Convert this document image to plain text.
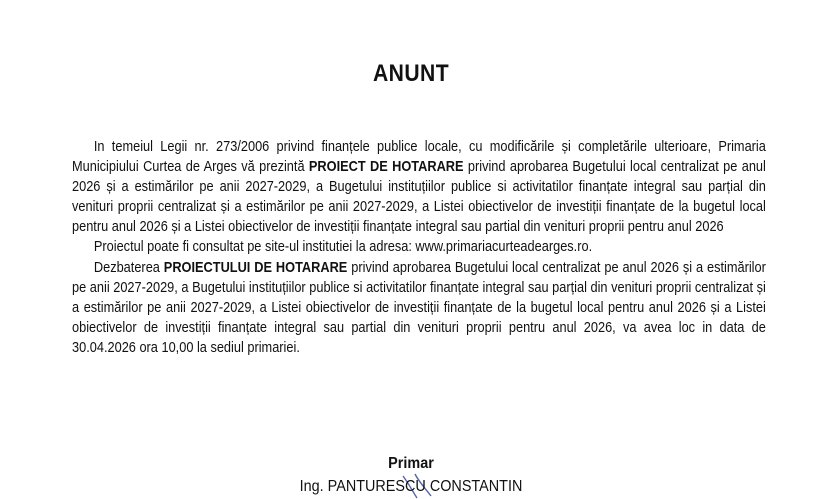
ANUNT

In temeiul Legii nr. 273/2006 privind finanțele publice locale, cu modificările și completările ulterioare, Primaria Municipiului Curtea de Arges vă prezintă PROIECT DE HOTARARE privind aprobarea Bugetului local centralizat pe anul 2026 și a estimărilor pe anii 2027-2029, a Bugetului instituțiilor publice si activitatilor finanțate integral sau parțial din venituri proprii centralizat și a estimărilor pe anii 2027-2029, a Listei obiectivelor de investiții finanțate de la bugetul local pentru anul 2026 și a Listei obiectivelor de investiții finanțate integral sau partial din venituri proprii pentru anul 2026

Proiectul poate fi consultat pe site-ul institutiei la adresa: www.primariacurteadearges.ro.

Dezbaterea PROIECTULUI DE HOTARARE privind aprobarea Bugetului local centralizat pe anul 2026 și a estimărilor pe anii 2027-2029, a Bugetului instituțiilor publice si activitatilor finanțate integral sau parțial din venituri proprii centralizat și a estimărilor pe anii 2027-2029, a Listei obiectivelor de investiții finanțate de la bugetul local pentru anul 2026 și a Listei obiectivelor de investiții finanțate integral sau partial din venituri proprii pentru anul 2026, va avea loc in data de 30.04.2026 ora 10,00 la sediul primariei.

Primar
Ing. PANTURESCU CONSTANTIN
